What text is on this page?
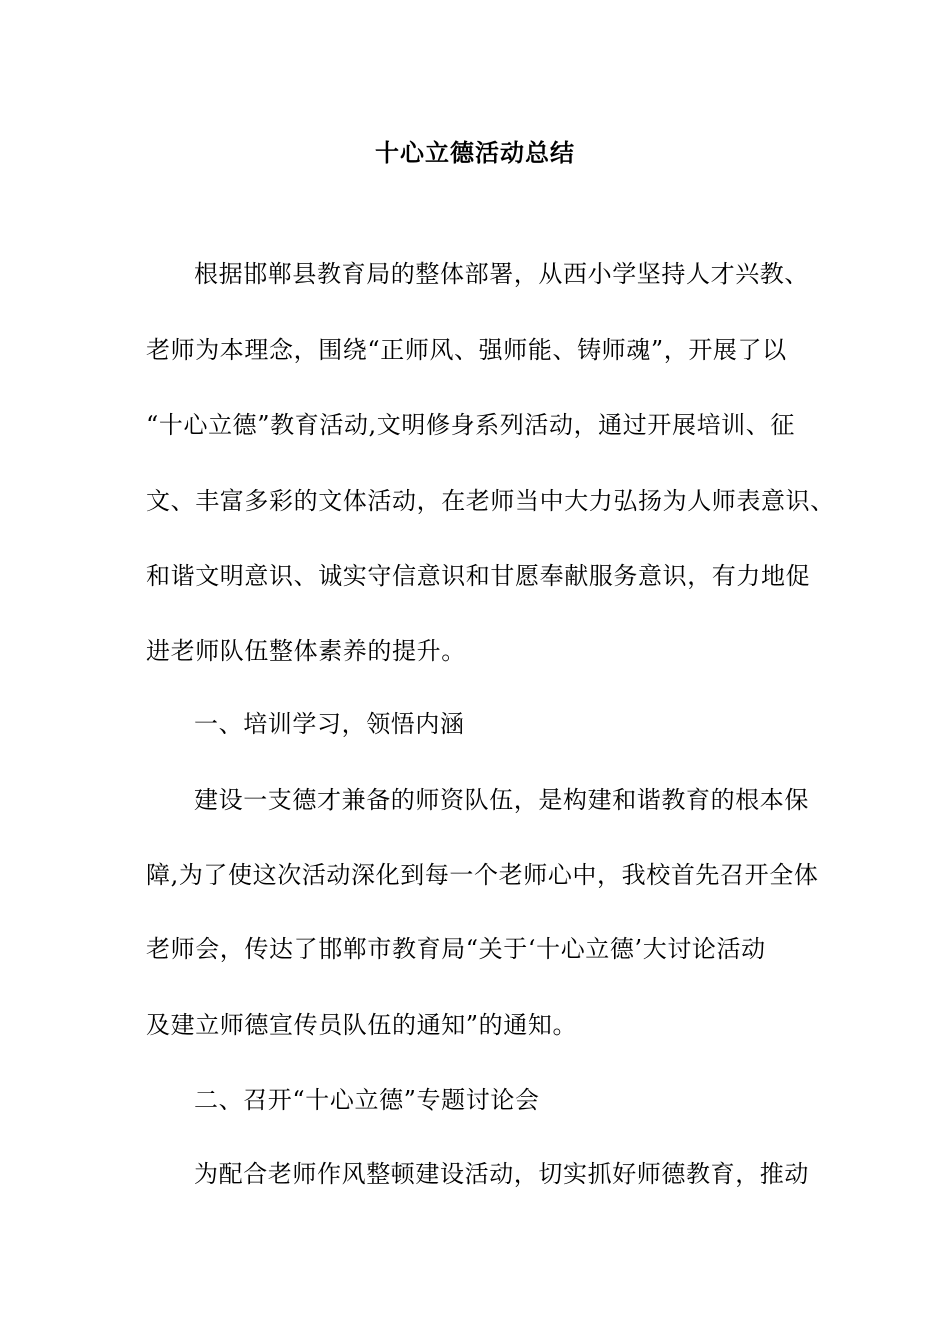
十心立德活动总结
根据邯郸县教育局的整体部署，从西小学坚持人才兴教、
老师为本理念，围绕“正师风、强师能、铸师魂”，开展了以
“十心立德”教育活动,文明修身系列活动，通过开展培训、征
文、丰富多彩的文体活动，在老师当中大力弘扬为人师表意识、
和谐文明意识、诚实守信意识和甘愿奉献服务意识，有力地促
进老师队伍整体素养的提升。
一、培训学习，领悟内涵
建设一支德才兼备的师资队伍，是构建和谐教育的根本保
障,为了使这次活动深化到每一个老师心中，我校首先召开全体
老师会，传达了邯郸市教育局“关于‘十心立德’大讨论活动
及建立师德宣传员队伍的通知”的通知。
二、召开“十心立德”专题讨论会
为配合老师作风整顿建设活动，切实抓好师德教育，推动
